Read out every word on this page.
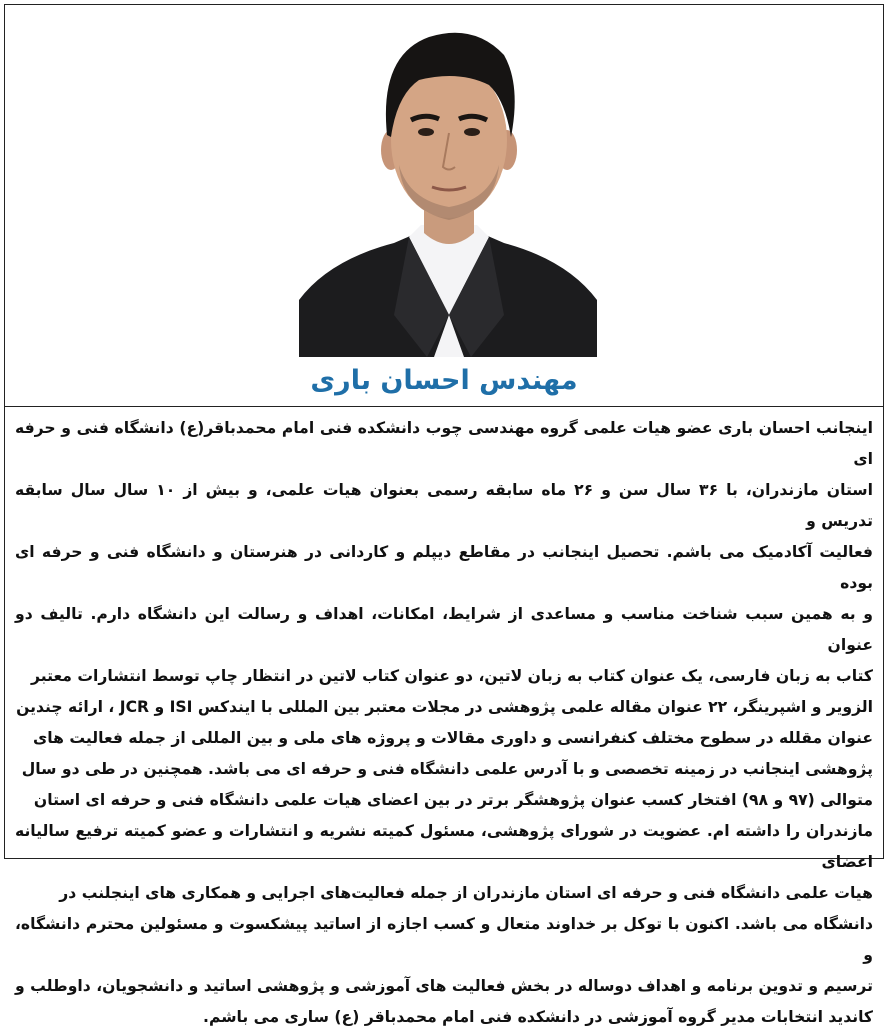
مهندس احسان باری
اینجانب احسان باری عضو هیات علمی گروه مهندسی چوب دانشکده فنی امام محمدباقر(ع) دانشگاه فنی و حرفه ای
استان مازندران، با ۳۶ سال سن و ۲۶ ماه سابقه رسمی بعنوان هیات علمی، و بیش از ۱۰ سال سال سابقه تدریس و
فعالیت آکادمیک می باشم. تحصیل اینجانب در مقاطع دیپلم و کاردانی در هنرستان و دانشگاه فنی و حرفه ای بوده
و به همین سبب شناخت مناسب و مساعدی از شرایط، امکانات، اهداف و رسالت این دانشگاه دارم. تالیف دو عنوان
کتاب به زبان فارسی، یک عنوان کتاب به زبان لاتین، دو عنوان کتاب لاتین در انتظار چاپ توسط انتشارات معتبر
الزویر و اشپرینگر، ۲۲ عنوان مقاله علمی پژوهشی در مجلات معتبر بین المللی با ایندکس ISI و JCR ، ارائه چندین
عنوان مقلله در سطوح مختلف کنفرانسی و داوری مقالات و پروژه های ملی و بین المللی از جمله فعالیت های
پژوهشی اینجانب در زمینه تخصصی و با آدرس علمی دانشگاه فنی و حرفه ای می باشد. همچنین در طی دو سال
متوالی (۹۷ و ۹۸) افتخار کسب عنوان پژوهشگر برتر در بین اعضای هیات علمی دانشگاه فنی و حرفه ای استان
مازندران را داشته ام. عضویت در شورای پژوهشی، مسئول کمیته نشریه و انتشارات و عضو کمیته ترفیع سالیانه اعضای
هیات علمی دانشگاه فنی و حرفه ای استان مازندران از جمله فعالیت‌های اجرایی و همکاری های اینجلنب در
دانشگاه می باشد. اکنون با توکل بر خداوند متعال و کسب اجازه از اساتید پیشکسوت و مسئولین محترم دانشگاه، و
ترسیم و تدوین برنامه و اهداف دوساله در بخش فعالیت های آموزشی و پژوهشی اساتید و دانشجویان، داوطلب و
کاندید انتخابات مدیر گروه آموزشی در دانشکده فنی امام محمدباقر (ع) ساری می باشم.
